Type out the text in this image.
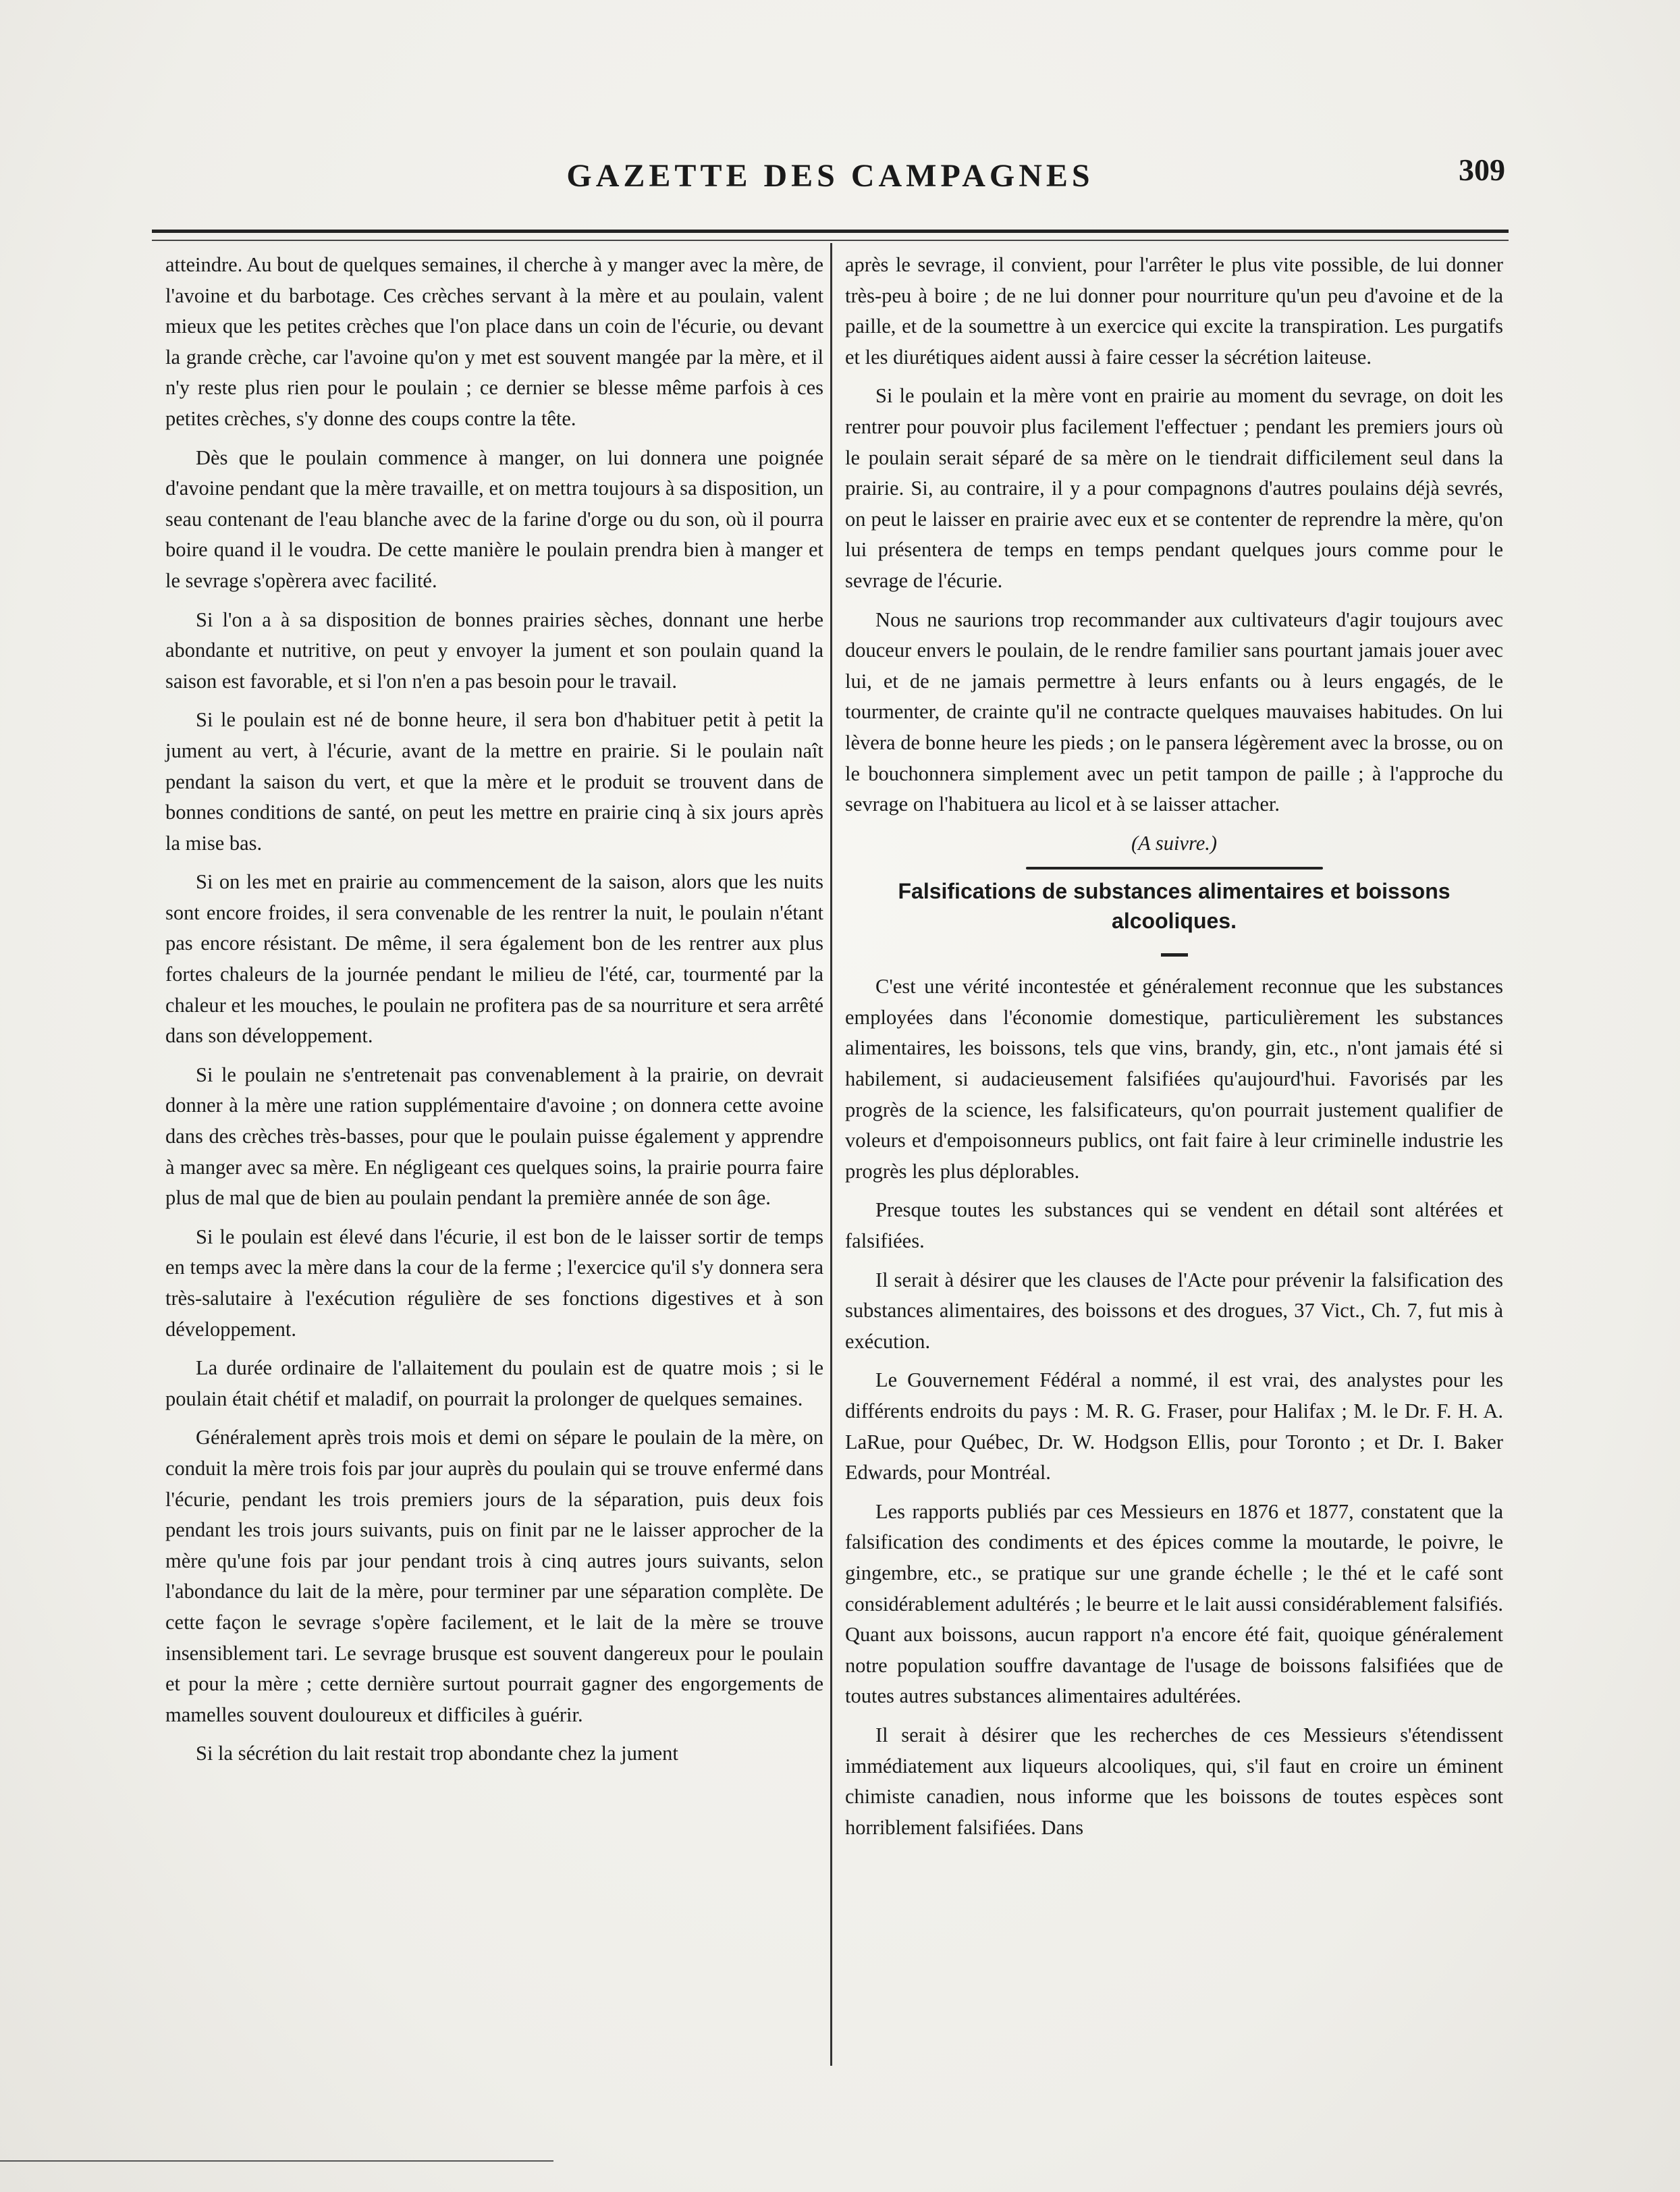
GAZETTE DES CAMPAGNES	309

atteindre. Au bout de quelques semaines, il cherche à y manger avec la mère, de l'avoine et du barbotage. Ces crèches servant à la mère et au poulain, valent mieux que les petites crèches que l'on place dans un coin de l'écurie, ou devant la grande crèche, car l'avoine qu'on y met est souvent mangée par la mère, et il n'y reste plus rien pour le poulain ; ce dernier se blesse même parfois à ces petites crèches, s'y donne des coups contre la tête.

Dès que le poulain commence à manger, on lui donnera une poignée d'avoine pendant que la mère travaille, et on mettra toujours à sa disposition, un seau contenant de l'eau blanche avec de la farine d'orge ou du son, où il pourra boire quand il le voudra. De cette manière le poulain prendra bien à manger et le sevrage s'opèrera avec facilité.

Si l'on a à sa disposition de bonnes prairies sèches, donnant une herbe abondante et nutritive, on peut y envoyer la jument et son poulain quand la saison est favorable, et si l'on n'en a pas besoin pour le travail.

Si le poulain est né de bonne heure, il sera bon d'habituer petit à petit la jument au vert, à l'écurie, avant de la mettre en prairie. Si le poulain naît pendant la saison du vert, et que la mère et le produit se trouvent dans de bonnes conditions de santé, on peut les mettre en prairie cinq à six jours après la mise bas.

Si on les met en prairie au commencement de la saison, alors que les nuits sont encore froides, il sera convenable de les rentrer la nuit, le poulain n'étant pas encore résistant. De même, il sera également bon de les rentrer aux plus fortes chaleurs de la journée pendant le milieu de l'été, car, tourmenté par la chaleur et les mouches, le poulain ne profitera pas de sa nourriture et sera arrêté dans son développement.

Si le poulain ne s'entretenait pas convenablement à la prairie, on devrait donner à la mère une ration supplémentaire d'avoine ; on donnera cette avoine dans des crèches très-basses, pour que le poulain puisse également y apprendre à manger avec sa mère. En négligeant ces quelques soins, la prairie pourra faire plus de mal que de bien au poulain pendant la première année de son âge.

Si le poulain est élevé dans l'écurie, il est bon de le laisser sortir de temps en temps avec la mère dans la cour de la ferme ; l'exercice qu'il s'y donnera sera très-salutaire à l'exécution régulière de ses fonctions digestives et à son développement.

La durée ordinaire de l'allaitement du poulain est de quatre mois ; si le poulain était chétif et maladif, on pourrait la prolonger de quelques semaines.

Généralement après trois mois et demi on sépare le poulain de la mère, on conduit la mère trois fois par jour auprès du poulain qui se trouve enfermé dans l'écurie, pendant les trois premiers jours de la séparation, puis deux fois pendant les trois jours suivants, puis on finit par ne le laisser approcher de la mère qu'une fois par jour pendant trois à cinq autres jours suivants, selon l'abondance du lait de la mère, pour terminer par une séparation complète. De cette façon le sevrage s'opère facilement, et le lait de la mère se trouve insensiblement tari. Le sevrage brusque est souvent dangereux pour le poulain et pour la mère ; cette dernière surtout pourrait gagner des engorgements de mamelles souvent douloureux et difficiles à guérir.

Si la sécrétion du lait restait trop abondante chez la jument

après le sevrage, il convient, pour l'arrêter le plus vite possible, de lui donner très-peu à boire ; de ne lui donner pour nourriture qu'un peu d'avoine et de la paille, et de la soumettre à un exercice qui excite la transpiration. Les purgatifs et les diurétiques aident aussi à faire cesser la sécrétion laiteuse.

Si le poulain et la mère vont en prairie au moment du sevrage, on doit les rentrer pour pouvoir plus facilement l'effectuer ; pendant les premiers jours où le poulain serait séparé de sa mère on le tiendrait difficilement seul dans la prairie. Si, au contraire, il y a pour compagnons d'autres poulains déjà sevrés, on peut le laisser en prairie avec eux et se contenter de reprendre la mère, qu'on lui présentera de temps en temps pendant quelques jours comme pour le sevrage de l'écurie.

Nous ne saurions trop recommander aux cultivateurs d'agir toujours avec douceur envers le poulain, de le rendre familier sans pourtant jamais jouer avec lui, et de ne jamais permettre à leurs enfants ou à leurs engagés, de le tourmenter, de crainte qu'il ne contracte quelques mauvaises habitudes. On lui lèvera de bonne heure les pieds ; on le pansera légèrement avec la brosse, ou on le bouchonnera simplement avec un petit tampon de paille ; à l'approche du sevrage on l'habituera au licol et à se laisser attacher.

(A suivre.)
Falsifications de substances alimentaires et boissons alcooliques.

C'est une vérité incontestée et généralement reconnue que les substances employées dans l'économie domestique, particulièrement les substances alimentaires, les boissons, tels que vins, brandy, gin, etc., n'ont jamais été si habilement, si audacieusement falsifiées qu'aujourd'hui. Favorisés par les progrès de la science, les falsificateurs, qu'on pourrait justement qualifier de voleurs et d'empoisonneurs publics, ont fait faire à leur criminelle industrie les progrès les plus déplorables.

Presque toutes les substances qui se vendent en détail sont altérées et falsifiées.

Il serait à désirer que les clauses de l'Acte pour prévenir la falsification des substances alimentaires, des boissons et des drogues, 37 Vict., Ch. 7, fut mis à exécution.

Le Gouvernement Fédéral a nommé, il est vrai, des analystes pour les différents endroits du pays : M. R. G. Fraser, pour Halifax ; M. le Dr. F. H. A. LaRue, pour Québec, Dr. W. Hodgson Ellis, pour Toronto ; et Dr. I. Baker Edwards, pour Montréal.

Les rapports publiés par ces Messieurs en 1876 et 1877, constatent que la falsification des condiments et des épices comme la moutarde, le poivre, le gingembre, etc., se pratique sur une grande échelle ; le thé et le café sont considérablement adultérés ; le beurre et le lait aussi considérablement falsifiés. Quant aux boissons, aucun rapport n'a encore été fait, quoique généralement notre population souffre davantage de l'usage de boissons falsifiées que de toutes autres substances alimentaires adultérées.

Il serait à désirer que les recherches de ces Messieurs s'étendissent immédiatement aux liqueurs alcooliques, qui, s'il faut en croire un éminent chimiste canadien, nous informe que les boissons de toutes espèces sont horriblement falsifiées. Dans
